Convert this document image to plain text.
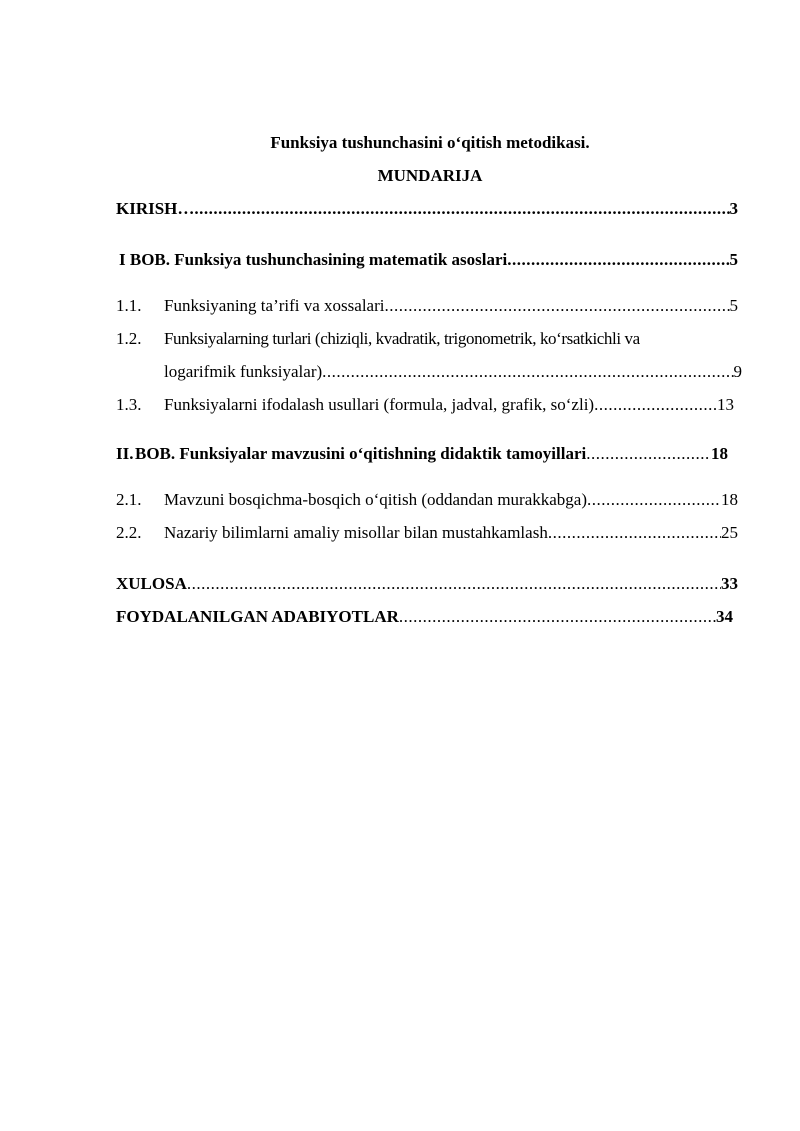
Funksiya tushunchasini o‘qitish metodikasi.
MUNDARIJA
KIRISH… .....	3
I BOB. Funksiya tushunchasining matematik asoslari .....	5
1.1.	Funksiyaning ta’rifi va xossalari .....	5
1.2.	Funksiyalarning turlari (chiziqli, kvadratik, trigonometrik, ko‘rsatkichli va
logarifmik funksiyalar) .....	9
1.3.	Funksiyalarni ifodalash usullari (formula, jadval, grafik, so‘zli) .....	13
II. BOB. Funksiyalar mavzusini o‘qitishning didaktik tamoyillari .....	18
2.1.	Mavzuni bosqichma-bosqich o‘qitish (oddandan murakkabga) .....	18
2.2.	Nazariy bilimlarni amaliy misollar bilan mustahkamlash .....	25
XULOSA .....	33
FOYDALANILGAN ADABIYOTLAR .....	34
